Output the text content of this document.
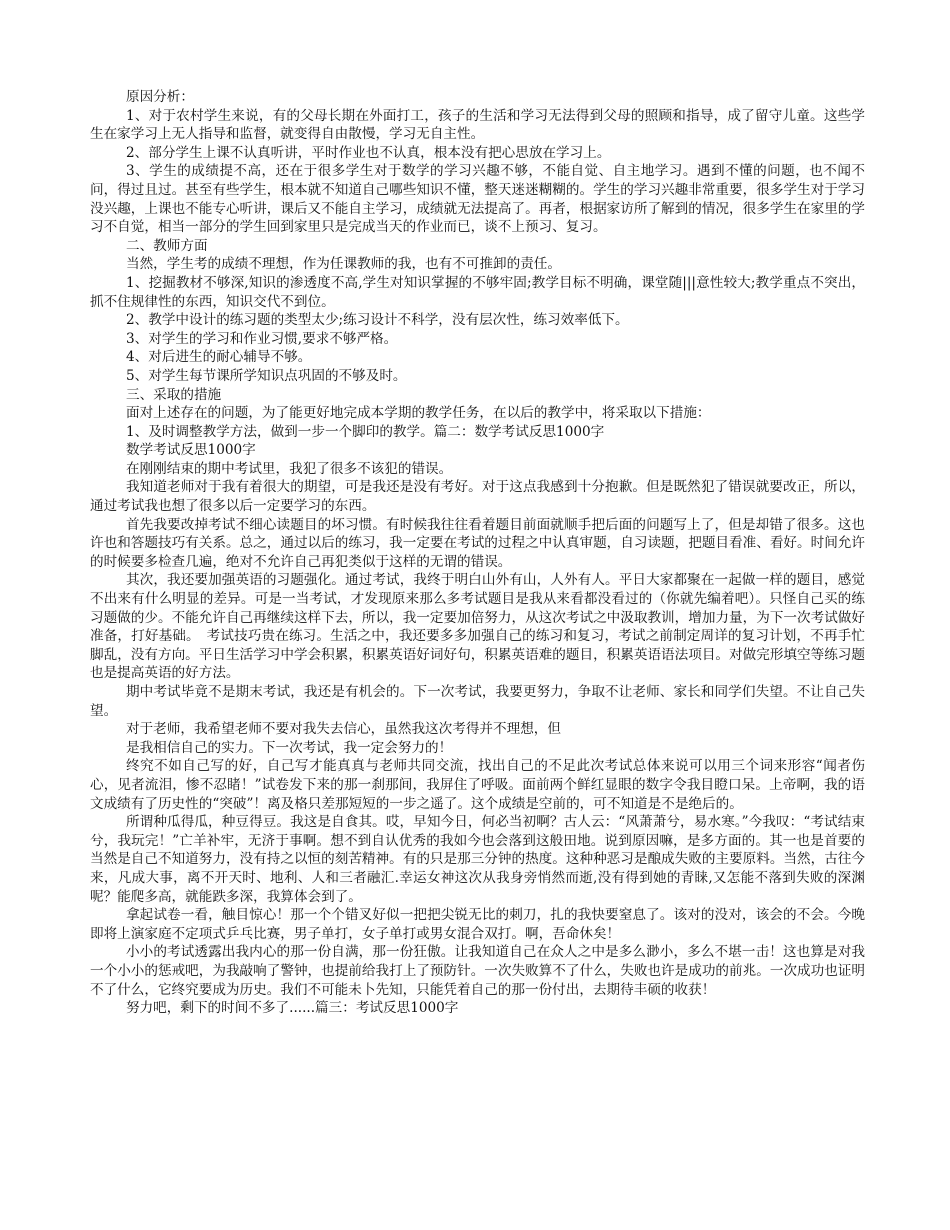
原因分析：

1、对于农村学生来说，有的父母长期在外面打工，孩子的生活和学习无法得到父母的照顾和指导，成了留守儿童。这些学生在家学习上无人指导和监督，就变得自由散慢，学习无自主性。

2、部分学生上课不认真听讲，平时作业也不认真，根本没有把心思放在学习上。

3、学生的成绩提不高，还在于很多学生对于数学的学习兴趣不够，不能自觉、自主地学习。遇到不懂的问题，也不闻不问，得过且过。甚至有些学生，根本就不知道自己哪些知识不懂，整天迷迷糊糊的。学生的学习兴趣非常重要，很多学生对于学习没兴趣，上课也不能专心听讲，课后又不能自主学习，成绩就无法提高了。再者，根据家访所了解到的情况，很多学生在家里的学习不自觉，相当一部分的学生回到家里只是完成当天的作业而已，谈不上预习、复习。

二、教师方面

当然，学生考的成绩不理想，作为任课教师的我，也有不可推卸的责任。

1、挖掘教材不够深,知识的渗透度不高,学生对知识掌握的不够牢固;教学目标不明确，课堂随|||意性较大;教学重点不突出，抓不住规律性的东西，知识交代不到位。

2、教学中设计的练习题的类型太少;练习设计不科学，没有层次性，练习效率低下。

3、对学生的学习和作业习惯,要求不够严格。

4、对后进生的耐心辅导不够。

5、对学生每节课所学知识点巩固的不够及时。

三、采取的措施

面对上述存在的问题，为了能更好地完成本学期的教学任务，在以后的教学中，将采取以下措施：

1、及时调整教学方法，做到一步一个脚印的教学。篇二：数学考试反思1000字

数学考试反思1000字

在刚刚结束的期中考试里，我犯了很多不该犯的错误。

我知道老师对于我有着很大的期望，可是我还是没有考好。对于这点我感到十分抱歉。但是既然犯了错误就要改正，所以，通过考试我也想了很多以后一定要学习的东西。

首先我要改掉考试不细心读题目的坏习惯。有时候我往往看着题目前面就顺手把后面的问题写上了，但是却错了很多。这也许也和答题技巧有关系。总之，通过以后的练习，我一定要在考试的过程之中认真审题，自习读题，把题目看准、看好。时间允许的时候要多检查几遍，绝对不允许自己再犯类似于这样的无谓的错误。

其次，我还要加强英语的习题强化。通过考试，我终于明白山外有山，人外有人。平日大家都聚在一起做一样的题目，感觉不出来有什么明显的差异。可是一当考试，才发现原来那么多考试题目是我从来看都没看过的（你就先编着吧）。只怪自己买的练习题做的少。不能允许自己再继续这样下去，所以，我一定要加倍努力，从这次考试之中汲取教训，增加力量，为下一次考试做好准备，打好基础。　考试技巧贵在练习。生活之中，我还要多多加强自己的练习和复习，考试之前制定周详的复习计划，不再手忙脚乱，没有方向。平日生活学习中学会积累，积累英语好词好句，积累英语难的题目，积累英语语法项目。对做完形填空等练习题也是提高英语的好方法。

期中考试毕竟不是期末考试，我还是有机会的。下一次考试，我要更努力，争取不让老师、家长和同学们失望。不让自己失望。

对于老师，我希望老师不要对我失去信心，虽然我这次考得并不理想，但

是我相信自己的实力。下一次考试，我一定会努力的！

终究不如自己写的好，自己写才能真真与老师共同交流，找出自己的不足此次考试总体来说可以用三个词来形容“闻者伤心，见者流泪，惨不忍睹！”试卷发下来的那一刹那间，我屏住了呼吸。面前两个鲜红显眼的数字令我目瞪口呆。上帝啊，我的语文成绩有了历史性的“突破”！离及格只差那短短的一步之遥了。这个成绩是空前的，可不知道是不是绝后的。

所谓种瓜得瓜，种豆得豆。我这是自食其。哎，早知今日，何必当初啊？古人云：“风萧萧兮，易水寒。”今我叹：“考试结束兮，我玩完！”亡羊补牢，无济于事啊。想不到自认优秀的我如今也会落到这般田地。说到原因嘛，是多方面的。其一也是首要的当然是自己不知道努力，没有持之以恒的刻苦精神。有的只是那三分钟的热度。这种种恶习是酿成失败的主要原料。当然，古往今来，凡成大事，离不开天时、地利、人和三者融汇.幸运女神这次从我身旁悄然而逝,没有得到她的青睐,又怎能不落到失败的深渊呢？能爬多高，就能跌多深，我算体会到了。

拿起试卷一看，触目惊心！那一个个错叉好似一把把尖锐无比的刺刀，扎的我快要窒息了。该对的没对，该会的不会。今晚即将上演家庭不定项式乒乓比赛，男子单打，女子单打或男女混合双打。啊，吾命休矣！

小小的考试透露出我内心的那一份自满，那一份狂傲。让我知道自己在众人之中是多么渺小，多么不堪一击！这也算是对我一个小小的惩戒吧，为我敲响了警钟，也提前给我打上了预防针。一次失败算不了什么，失败也许是成功的前兆。一次成功也证明不了什么，它终究要成为历史。我们不可能未卜先知，只能凭着自己的那一份付出，去期待丰硕的收获！

努力吧，剩下的时间不多了......篇三：考试反思1000字
